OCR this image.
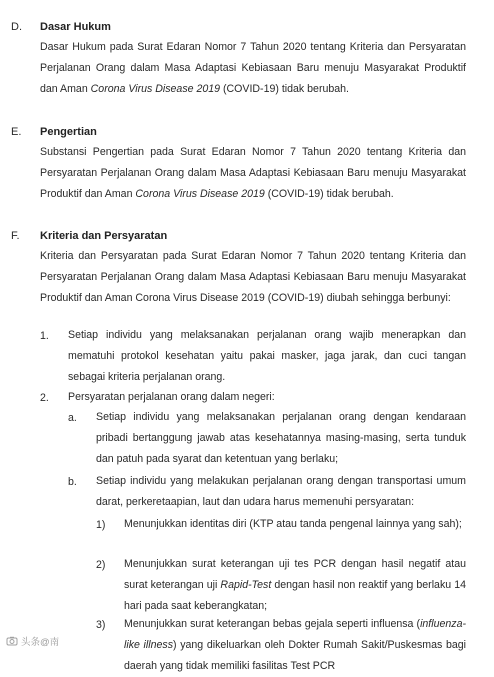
D. Dasar Hukum
Dasar Hukum pada Surat Edaran Nomor 7 Tahun 2020 tentang Kriteria dan Persyaratan Perjalanan Orang dalam Masa Adaptasi Kebiasaan Baru menuju Masyarakat Produktif dan Aman Corona Virus Disease 2019 (COVID-19) tidak berubah.
E. Pengertian
Substansi Pengertian pada Surat Edaran Nomor 7 Tahun 2020 tentang Kriteria dan Persyaratan Perjalanan Orang dalam Masa Adaptasi Kebiasaan Baru menuju Masyarakat Produktif dan Aman Corona Virus Disease 2019 (COVID-19) tidak berubah.
F. Kriteria dan Persyaratan
Kriteria dan Persyaratan pada Surat Edaran Nomor 7 Tahun 2020 tentang Kriteria dan Persyaratan Perjalanan Orang dalam Masa Adaptasi Kebiasaan Baru menuju Masyarakat Produktif dan Aman Corona Virus Disease 2019 (COVID-19) diubah sehingga berbunyi:
1. Setiap individu yang melaksanakan perjalanan orang wajib menerapkan dan mematuhi protokol kesehatan yaitu pakai masker, jaga jarak, dan cuci tangan sebagai kriteria perjalanan orang.
2. Persyaratan perjalanan orang dalam negeri:
a. Setiap individu yang melaksanakan perjalanan orang dengan kendaraan pribadi bertanggung jawab atas kesehatannya masing-masing, serta tunduk dan patuh pada syarat dan ketentuan yang berlaku;
b. Setiap individu yang melakukan perjalanan orang dengan transportasi umum darat, perkeretaapian, laut dan udara harus memenuhi persyaratan:
1) Menunjukkan identitas diri (KTP atau tanda pengenal lainnya yang sah);
2) Menunjukkan surat keterangan uji tes PCR dengan hasil negatif atau surat keterangan uji Rapid-Test dengan hasil non reaktif yang berlaku 14 hari pada saat keberangkatan;
3) Menunjukkan surat keterangan bebas gejala seperti influensa (influenza-like illness) yang dikeluarkan oleh Dokter Rumah Sakit/Puskesmas bagi daerah yang tidak memiliki fasilitas Test PCR
头条@南
